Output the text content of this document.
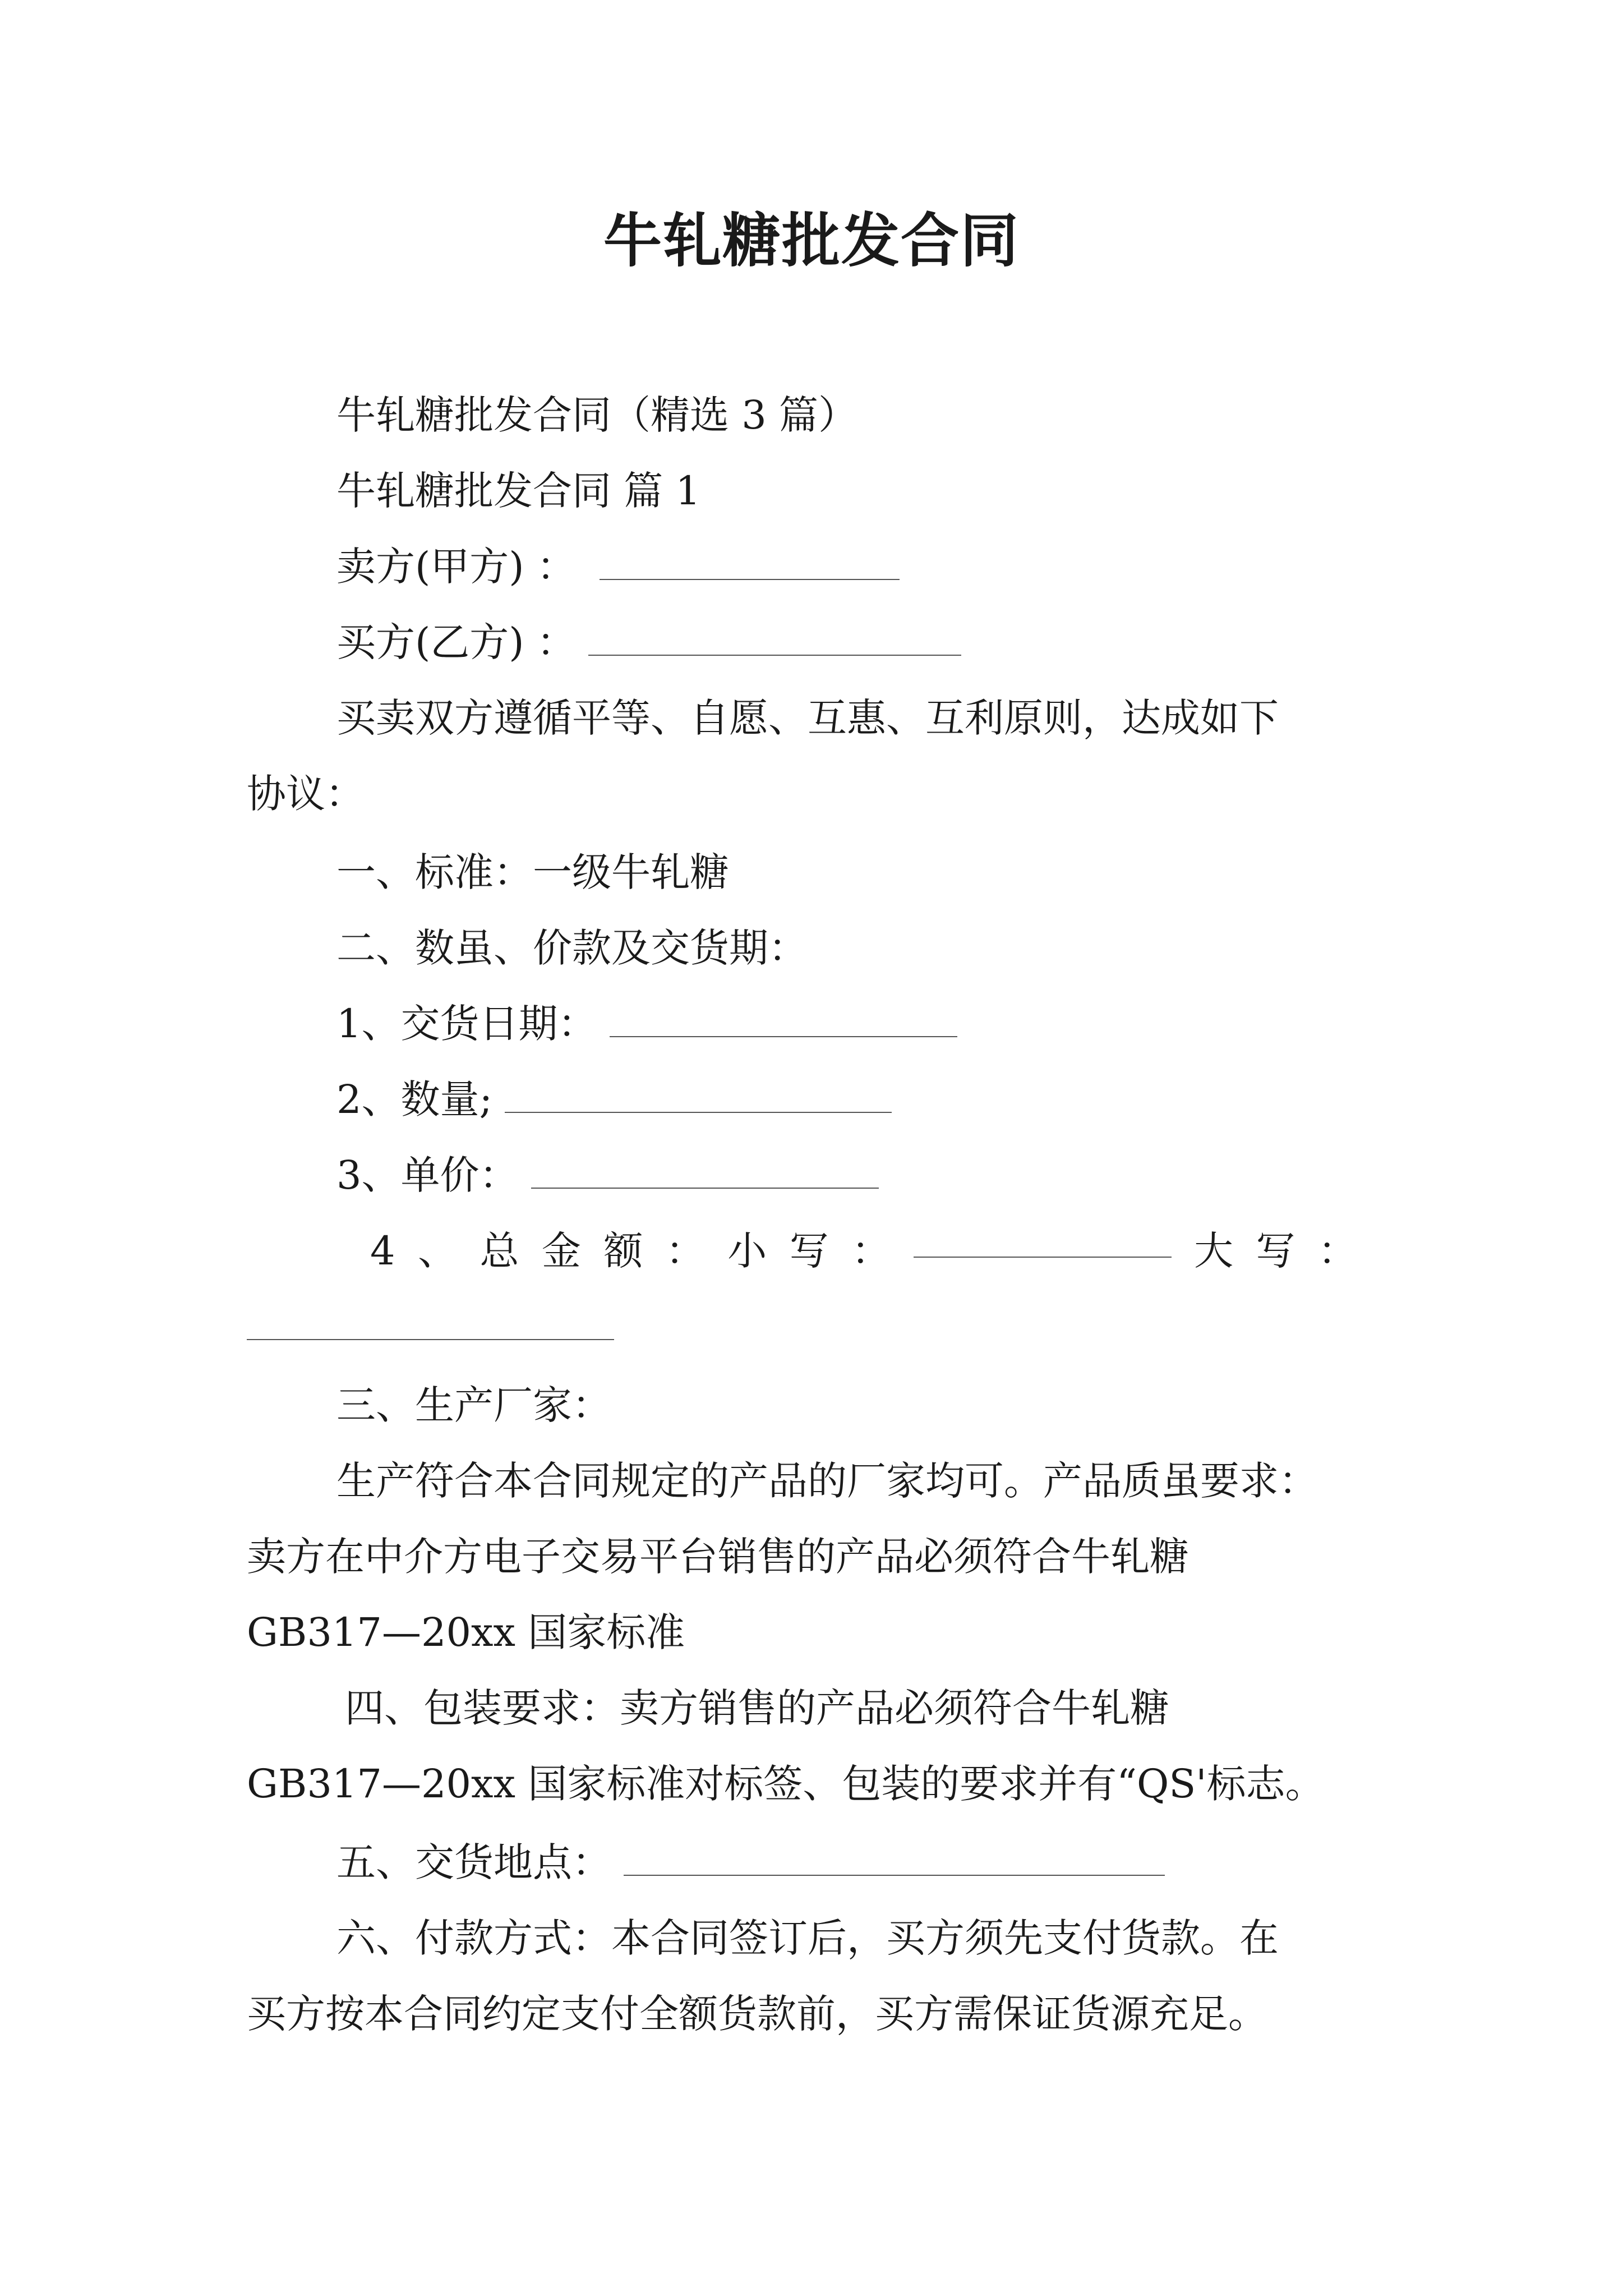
牛轧糖批发合同
牛轧糖批发合同（精选 3 篇）
牛轧糖批发合同 篇 1
卖方(甲方) ：
买方(乙方) ：
买卖双方遵循平等、自愿、互惠、互利原则，达成如下
协议：
一、标准：一级牛轧糖
二、数虽、价款及交货期：
1、交货日期：
2、数量;
3、单价：
4 、 总 金 额 ： 小 写 ：	大 写 ：
三、生产厂家：
生产符合本合同规定的产品的厂家均可。产品质虽要求：
卖方在中介方电子交易平台销售的产品必须符合牛轧糖
GB317—20xx 国家标准
四、包装要求：卖方销售的产品必须符合牛轧糖
GB317—20xx 国家标准对标签、包装的要求并有“QS'标志。
五、交货地点：
六、付款方式：本合同签订后，买方须先支付货款。在
买方按本合同约定支付全额货款前，买方需保证货源充足。
